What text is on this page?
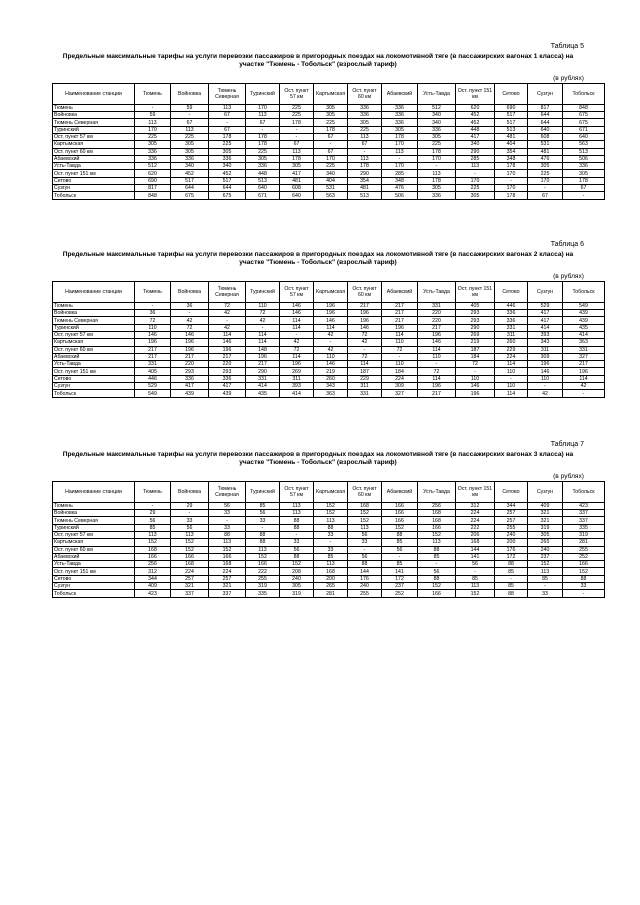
Таблица 5
Предельные максимальные тарифы на услуги перевозки пассажиров в пригородных поездах на локомотивной тяге (в пассажирских вагонах 1 класса) на участке "Тюмень - Тобольск" (взрослый тариф)
(в рублях)
Наименование станции	Тюмень	Войновка	Тюмень Северная	Туринский	Ост. пункт 57 км	Картымская	Ост. пункт 60 км	Абаевский	Усть-Тавда	Ост. пункт 151 км	Сетово	Сузгун	Тобольск
Тюмень	-	59	113	170	225	305	336	336	512	620	690	817	848
Войновка	59	-	67	113	225	305	336	336	340	452	517	644	675
Тюмень Северная	113	67	-	67	178	225	305	336	340	452	517	644	675
Туринский	170	113	67	-	-	178	225	305	336	448	513	640	671
Ост. пункт 57 км	225	225	178	178	-	67	113	178	305	417	481	608	640
Картымская	305	305	225	178	67	-	67	170	225	340	404	531	563
Ост. пункт 60 км	336	305	305	225	113	67	-	113	178	290	354	481	513
Абаевский	336	336	336	305	178	170	113	-	170	285	348	476	506
Усть-Тавда	512	340	340	336	305	225	178	170	-	113	178	305	336
Ост. пункт 151 км	620	452	452	448	417	340	290	285	113	-	170	225	305
Сетово	690	517	517	513	481	404	354	348	178	170	-	170	178
Сузгун	817	644	644	640	608	531	481	476	305	225	170	-	67
Тобольск	848	675	675	671	640	563	513	506	336	305	178	67	-
Таблица 6
Предельные максимальные тарифы на услуги перевозки пассажиров в пригородных поездах на локомотивной тяге (в пассажирских вагонах 2 класса) на участке "Тюмень - Тобольск" (взрослый тариф)
(в рублях)
Наименование станции	Тюмень	Войновка	Тюмень Северная	Туринский	Ост. пункт 57 км	Картымская	Ост. пункт 60 км	Абаевский	Усть-Тавда	Ост. пункт 151 км	Сетово	Сузгун	Тобольск
Тюмень	-	36	72	110	146	196	217	217	331	405	446	529	549
Войновка	36	-	42	72	146	196	196	217	220	293	336	417	439
Тюмень Северная	72	42	-	42	114	146	196	217	220	293	336	417	439
Туринский	110	72	42	-	114	114	146	196	217	290	331	414	435
Ост. пункт 57 км	146	146	114	114	-	42	72	114	196	269	311	393	414
Картымская	196	196	146	114	42	-	42	110	146	219	260	343	363
Ост. пункт 60 км	217	196	196	148	72	42	-	72	114	187	229	311	331
Абаевский	217	217	217	196	114	110	72	-	110	184	224	309	327
Усть-Тавда	331	220	220	217	196	146	114	110	-	72	114	196	217
Ост. пункт 151 км	405	293	293	290	269	219	187	184	72	-	110	146	196
Сетово	446	336	336	331	311	260	229	224	114	110	-	110	114
Сузгун	529	417	417	414	393	343	311	309	196	146	110	-	42
Тобольск	549	439	439	435	414	363	331	327	217	196	114	42	-
Таблица 7
Предельные максимальные тарифы на услуги перевозки пассажиров в пригородных поездах на локомотивной тяге (в пассажирских вагонах 3 класса) на участке "Тюмень - Тобольск" (взрослый тариф)
(в рублях)
Наименование станции	Тюмень	Войновка	Тюмень Северная	Туринский	Ост. пункт 57 км	Картымская	Ост. пункт 60 км	Абаевский	Усть-Тавда	Ост. пункт 151 км	Сетово	Сузгун	Тобольск
Тюмень	-	29	56	85	113	152	168	166	256	312	344	409	423
Войновка	29	-	33	56	113	152	152	166	168	224	257	321	337
Тюмень Северная	56	33	-	33	88	113	152	166	168	224	257	321	337
Туринский	85	56	33	-	88	88	113	152	166	222	255	319	335
Ост. пункт 57 км	113	113	88	88	-	33	56	88	152	206	240	305	319
Картымская	152	152	113	88	33	-	33	85	113	168	200	265	281
Ост. пункт 60 км	168	152	152	113	56	33	-	56	88	144	176	240	255
Абаевский	166	166	166	152	88	85	56	-	85	141	172	237	252
Усть-Тавда	256	168	168	166	152	113	88	85	-	56	88	152	166
Ост. пункт 151 км	312	224	224	222	208	168	144	141	56	-	85	113	152
Сетово	344	257	257	255	240	200	176	172	88	85	-	85	88
Сузгун	409	321	321	319	305	265	240	237	152	113	85	-	33
Тобольск	423	337	337	335	319	281	255	252	166	152	88	33	-
